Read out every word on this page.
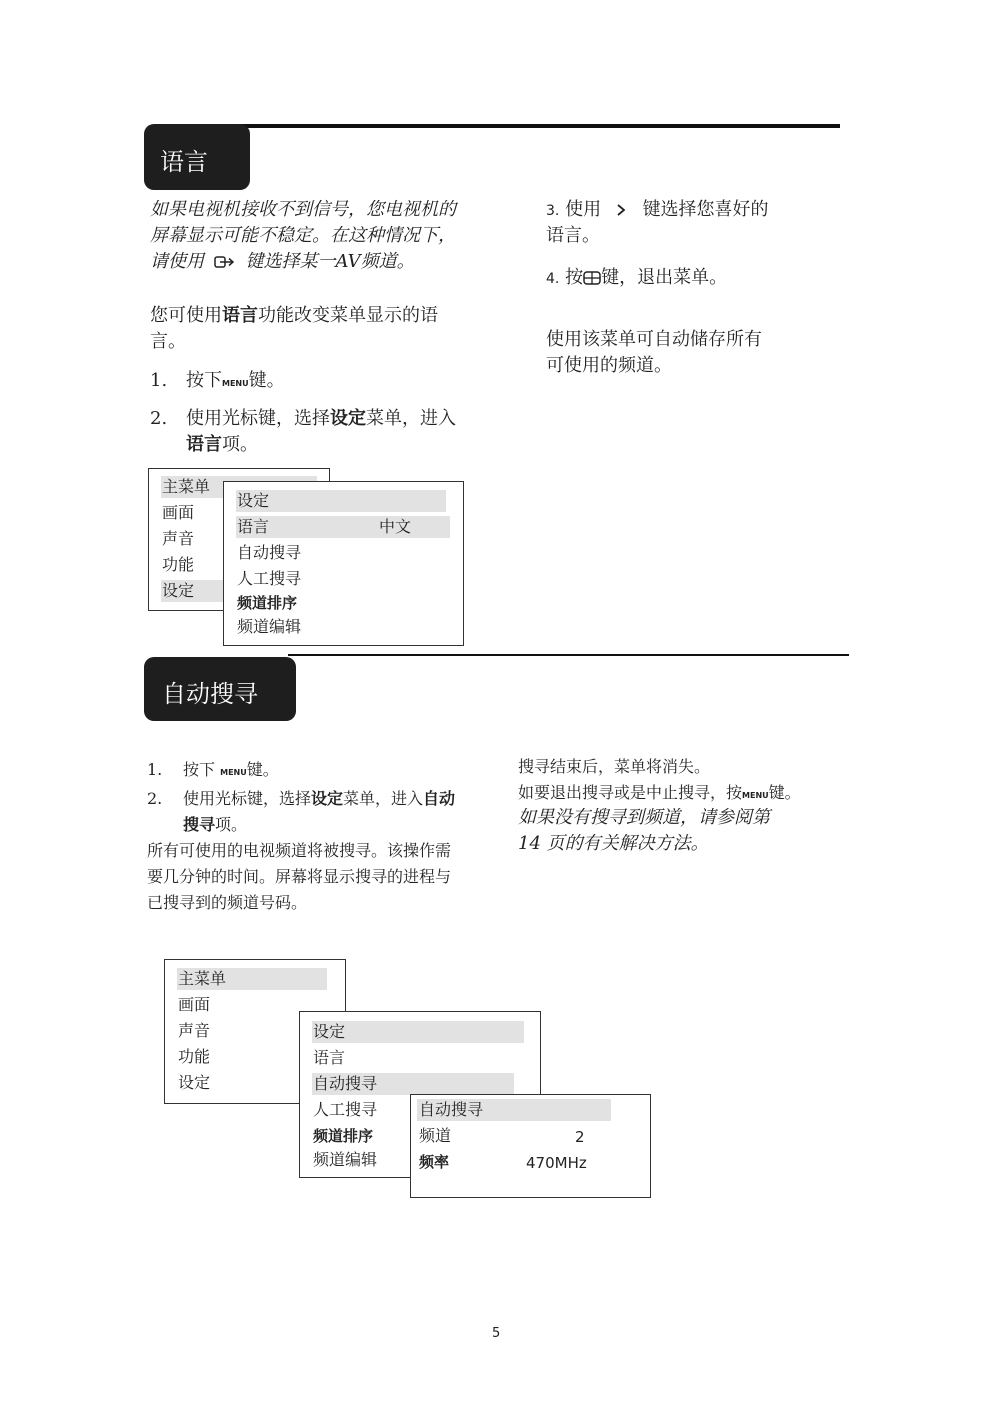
语言
如果电视机接收不到信号，您电视机的
屏幕显示可能不稳定。在这种情况下，
请使用 键选择某一AV频道。
您可使用语言功能改变菜单显示的语
言。
1. 按下MENU键。
2. 使用光标键，选择设定菜单，进入
语言项。
3. 使用 键选择您喜好的
语言。
4. 按 键，退出菜单。
使用该菜单可自动储存所有
可使用的频道。
主菜单
画面
声音
功能
设定
设定
语言	中文
自动搜寻
人工搜寻
频道排序
频道编辑
自动搜寻
1. 按下 MENU键。
2. 使用光标键，选择设定菜单，进入自动
搜寻项。
所有可使用的电视频道将被搜寻。该操作需
要几分钟的时间。屏幕将显示搜寻的进程与
已搜寻到的频道号码。
搜寻结束后，菜单将消失。
如要退出搜寻或是中止搜寻，按MENU键。
如果没有搜寻到频道，请参阅第
14 页的有关解决方法。
主菜单
画面
声音
功能
设定
设定
语言
自动搜寻
人工搜寻
频道排序
频道编辑
自动搜寻
频道	2
频率	470MHz
5
